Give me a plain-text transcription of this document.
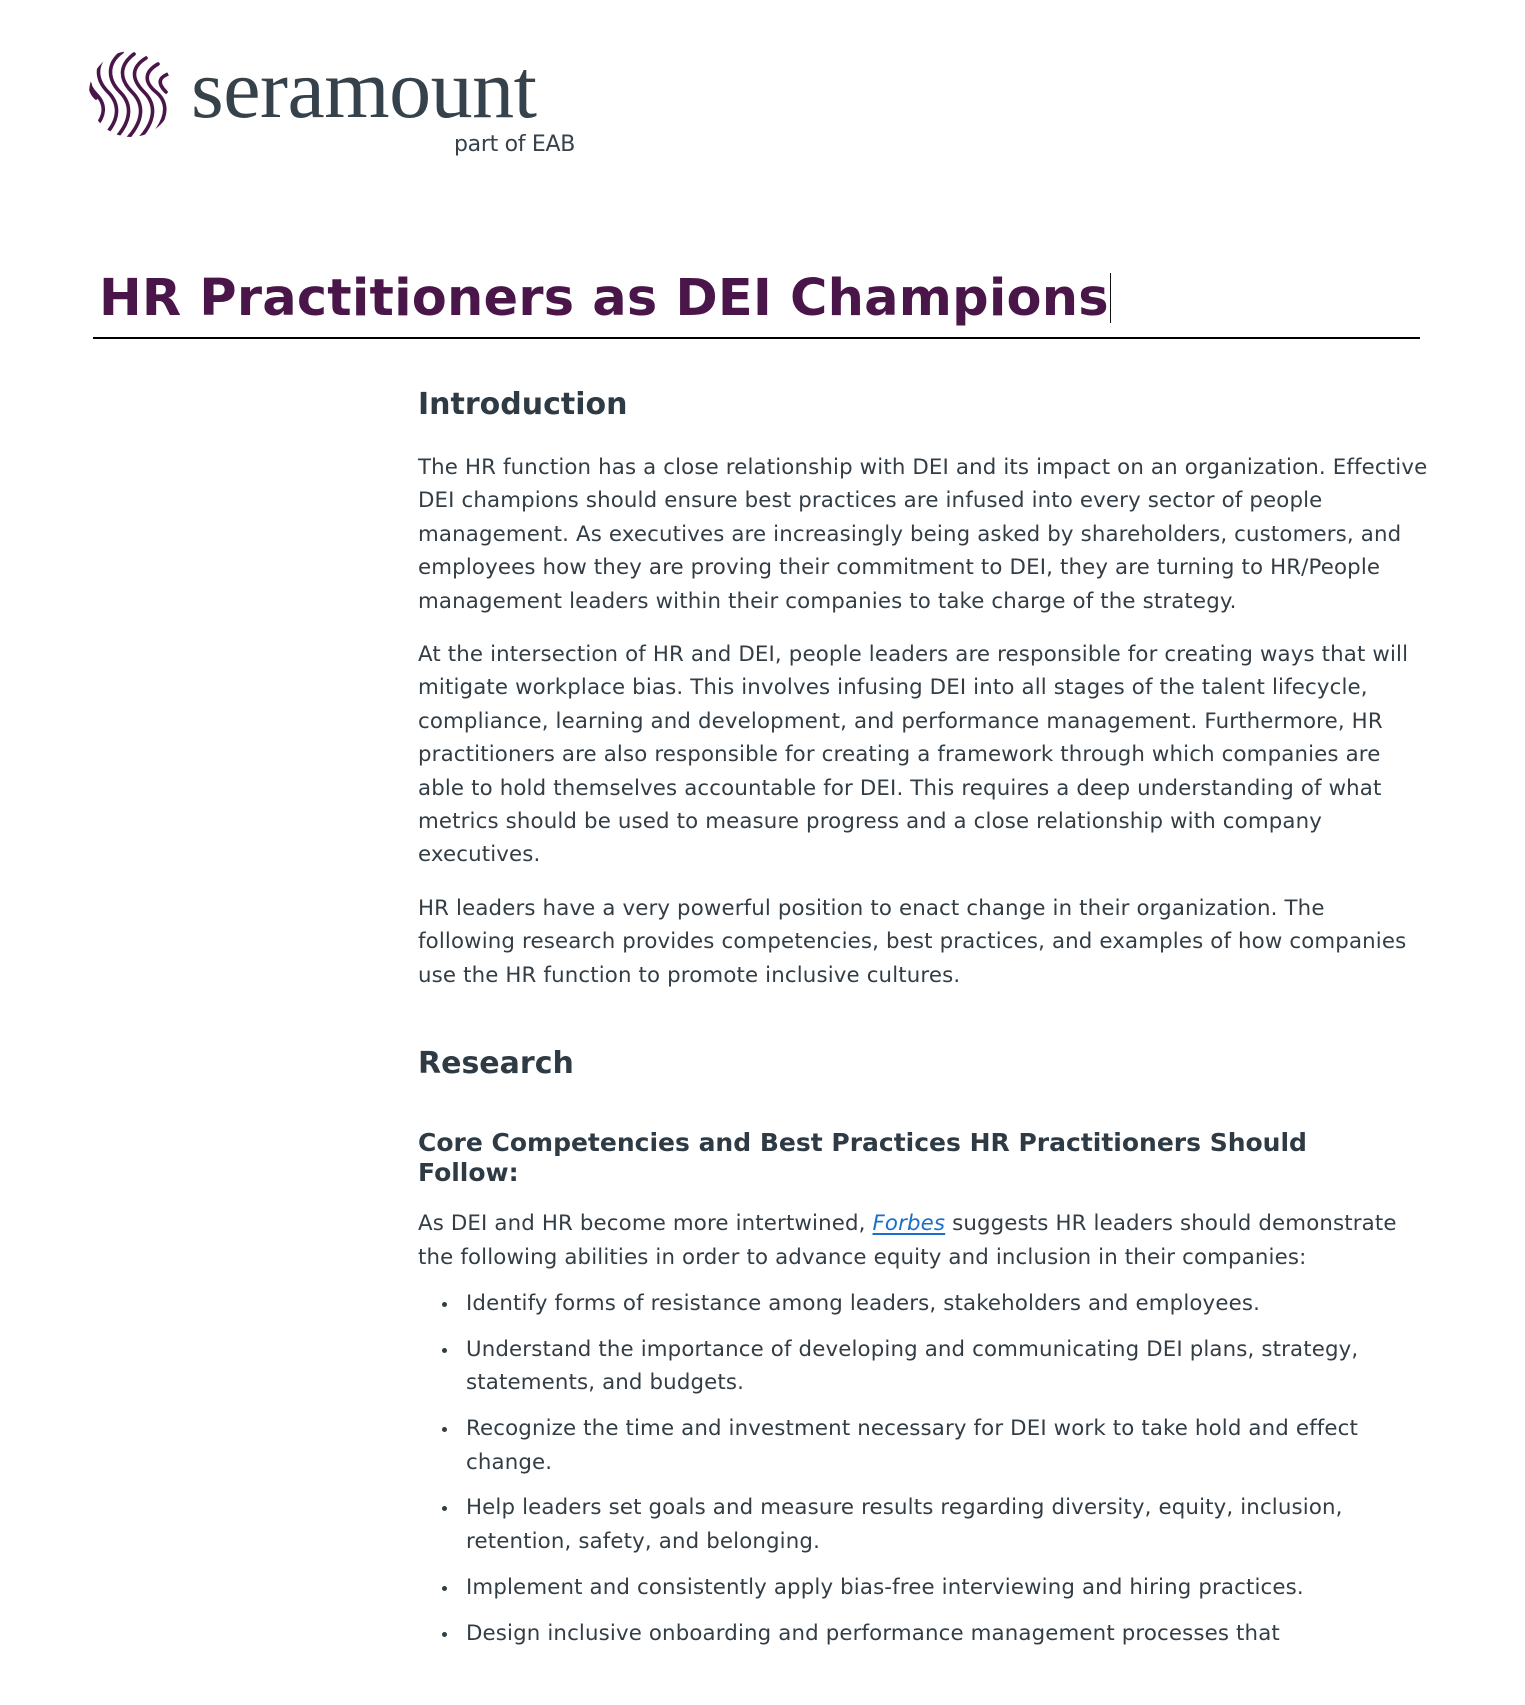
seramount
part of EAB
HR Practitioners as DEI Champions
Introduction

The HR function has a close relationship with DEI and its impact on an organization. Effective DEI champions should ensure best practices are infused into every sector of people management. As executives are increasingly being asked by shareholders, customers, and employees how they are proving their commitment to DEI, they are turning to HR/People management leaders within their companies to take charge of the strategy.

At the intersection of HR and DEI, people leaders are responsible for creating ways that will mitigate workplace bias. This involves infusing DEI into all stages of the talent lifecycle, compliance, learning and development, and performance management. Furthermore, HR practitioners are also responsible for creating a framework through which companies are able to hold themselves accountable for DEI. This requires a deep understanding of what metrics should be used to measure progress and a close relationship with company executives.

HR leaders have a very powerful position to enact change in their organization. The following research provides competencies, best practices, and examples of how companies use the HR function to promote inclusive cultures.

Research
Core Competencies and Best Practices HR Practitioners Should Follow:

As DEI and HR become more intertwined, Forbes suggests HR leaders should demonstrate the following abilities in order to advance equity and inclusion in their companies:

Identify forms of resistance among leaders, stakeholders and employees.
Understand the importance of developing and communicating DEI plans, strategy, statements, and budgets.
Recognize the time and investment necessary for DEI work to take hold and effect change.
Help leaders set goals and measure results regarding diversity, equity, inclusion, retention, safety, and belonging.
Implement and consistently apply bias-free interviewing and hiring practices.
Design inclusive onboarding and performance management processes that
